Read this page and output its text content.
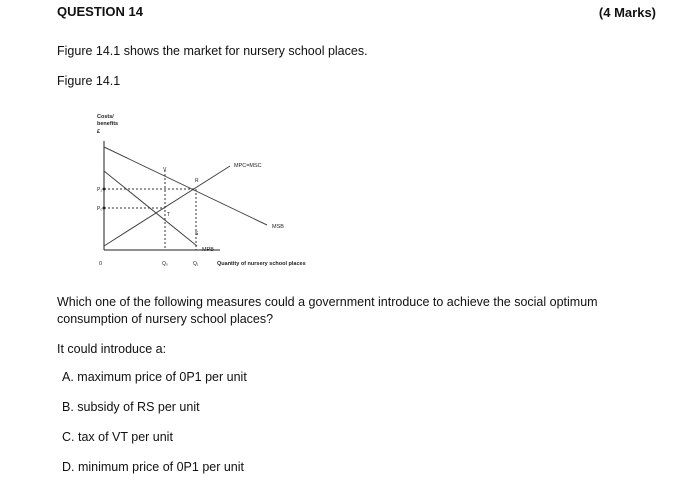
QUESTION 14	(4 Marks)
Figure 14.1 shows the market for nursery school places.
Figure 14.1
Costs/
benefits
£
0
P₁
P₀
Q₀	Q₁	Quantity of nursery school places
V
R
T
S
MPC=MSC
MSB
MPB
Which one of the following measures could a government introduce to achieve the social optimum consumption of nursery school places?
It could introduce a:
A. maximum price of 0P1 per unit
B. subsidy of RS per unit
C. tax of VT per unit
D. minimum price of 0P1 per unit
